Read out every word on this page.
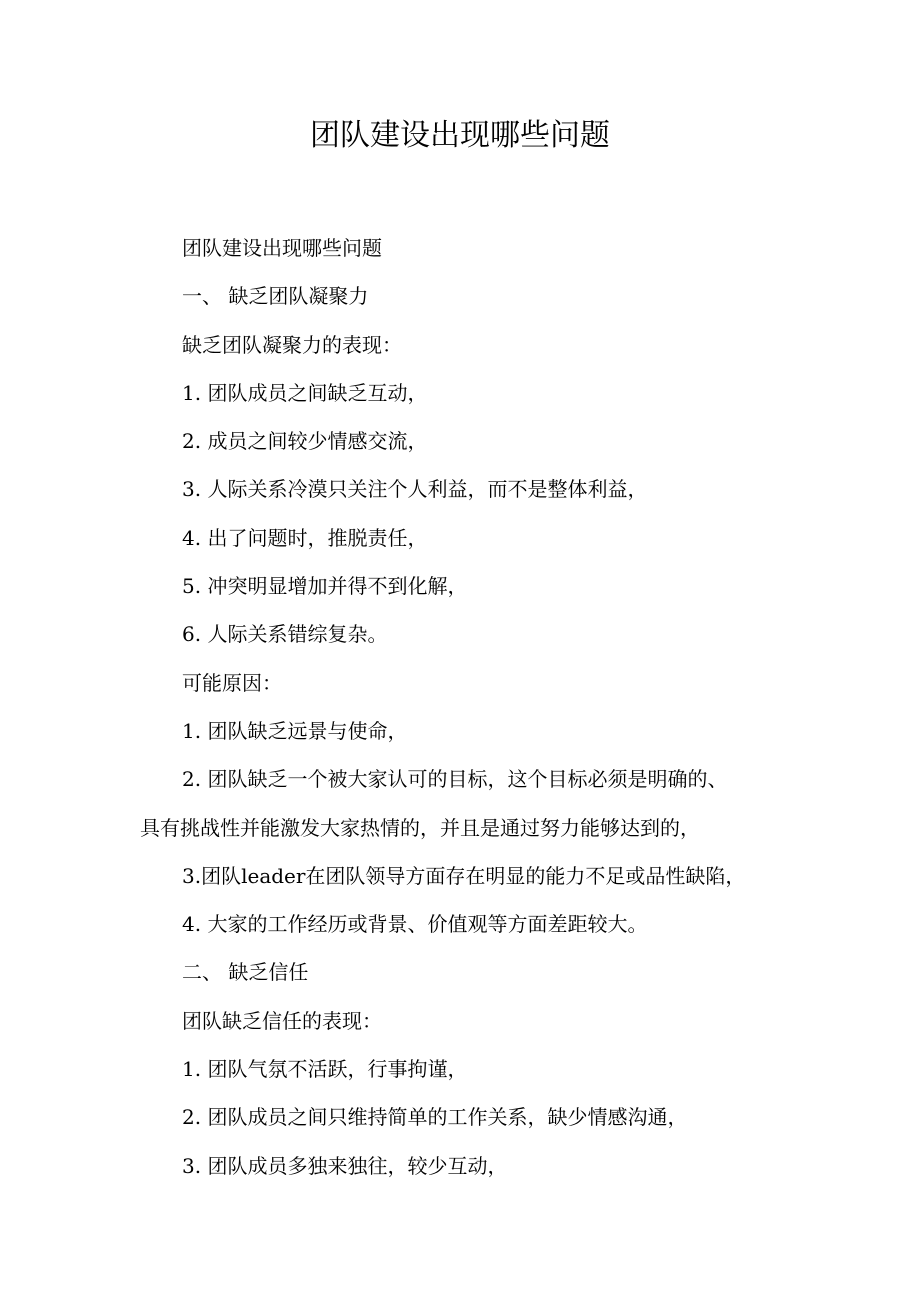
团队建设出现哪些问题

团队建设出现哪些问题

一、 缺乏团队凝聚力

缺乏团队凝聚力的表现：

1. 团队成员之间缺乏互动，

2. 成员之间较少情感交流，

3. 人际关系冷漠只关注个人利益，而不是整体利益，

4. 出了问题时，推脱责任，

5. 冲突明显增加并得不到化解，

6. 人际关系错综复杂。

可能原因：

1. 团队缺乏远景与使命，

2. 团队缺乏一个被大家认可的目标，这个目标必须是明确的、

具有挑战性并能激发大家热情的，并且是通过努力能够达到的，

3.团队leader在团队领导方面存在明显的能力不足或品性缺陷，

4. 大家的工作经历或背景、价值观等方面差距较大。

二、 缺乏信任

团队缺乏信任的表现：

1. 团队气氛不活跃，行事拘谨，

2. 团队成员之间只维持简单的工作关系，缺少情感沟通，

3. 团队成员多独来独往，较少互动，
